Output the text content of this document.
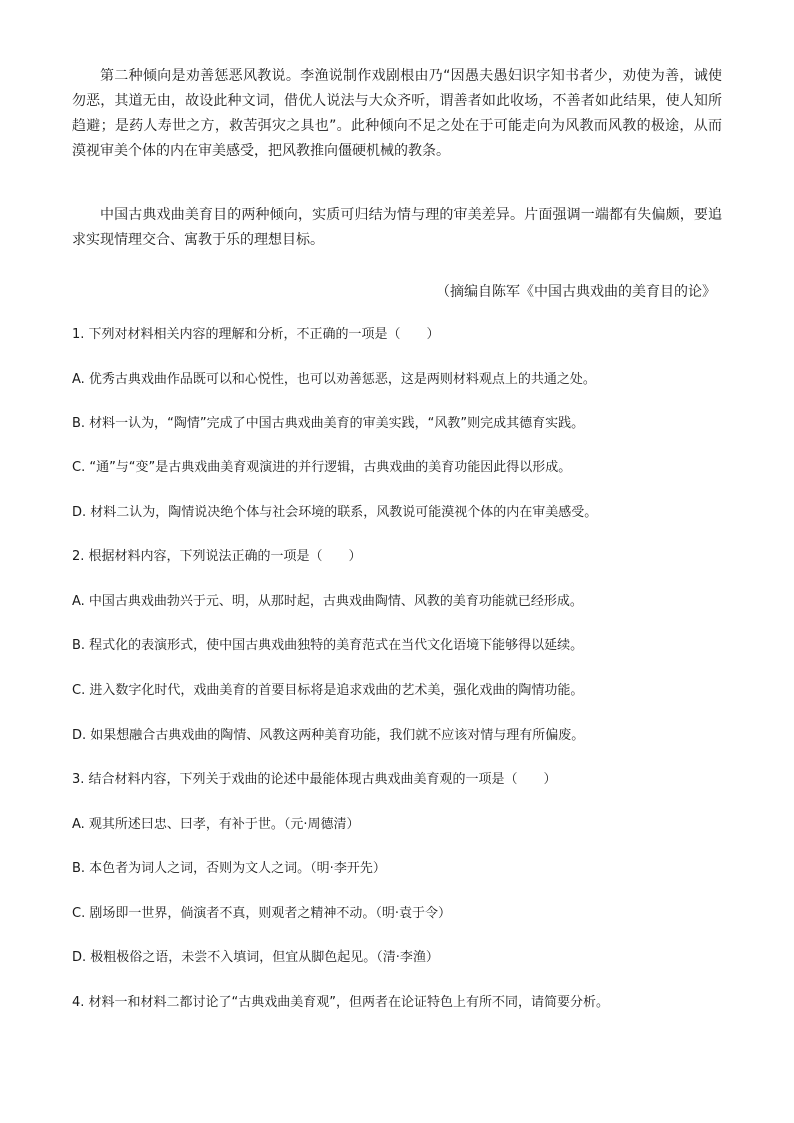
第二种倾向是劝善惩恶风教说。李渔说制作戏剧根由乃“因愚夫愚妇识字知书者少，劝使为善，诫使勿恶，其道无由，故设此种文词，借优人说法与大众齐听，谓善者如此收场，不善者如此结果，使人知所趋避；是药人寿世之方，救苦弭灾之具也”。此种倾向不足之处在于可能走向为风教而风教的极途，从而漠视审美个体的内在审美感受，把风教推向僵硬机械的教条。

中国古典戏曲美育目的两种倾向，实质可归结为情与理的审美差异。片面强调一端都有失偏颇，要追求实现情理交合、寓教于乐的理想目标。

（摘编自陈军《中国古典戏曲的美育目的论》

1. 下列对材料相关内容的理解和分析，不正确的一项是（　　）

A. 优秀古典戏曲作品既可以和心悦性，也可以劝善惩恶，这是两则材料观点上的共通之处。

B. 材料一认为，“陶情”完成了中国古典戏曲美育的审美实践，“风教”则完成其德育实践。

C. “通”与“变”是古典戏曲美育观演进的并行逻辑，古典戏曲的美育功能因此得以形成。

D. 材料二认为，陶情说决绝个体与社会环境的联系，风教说可能漠视个体的内在审美感受。

2. 根据材料内容，下列说法正确的一项是（　　）

A. 中国古典戏曲勃兴于元、明，从那时起，古典戏曲陶情、风教的美育功能就已经形成。

B. 程式化的表演形式，使中国古典戏曲独特的美育范式在当代文化语境下能够得以延续。

C. 进入数字化时代，戏曲美育的首要目标将是追求戏曲的艺术美，强化戏曲的陶情功能。

D. 如果想融合古典戏曲的陶情、风教这两种美育功能，我们就不应该对情与理有所偏废。

3. 结合材料内容，下列关于戏曲的论述中最能体现古典戏曲美育观的一项是（　　）

A. 观其所述曰忠、曰孝，有补于世。（元·周德清）

B. 本色者为词人之词，否则为文人之词。（明·李开先）

C. 剧场即一世界，倘演者不真，则观者之精神不动。（明·袁于令）

D. 极粗极俗之语，未尝不入填词，但宜从脚色起见。（清·李渔）

4. 材料一和材料二都讨论了“古典戏曲美育观”，但两者在论证特色上有所不同，请简要分析。
